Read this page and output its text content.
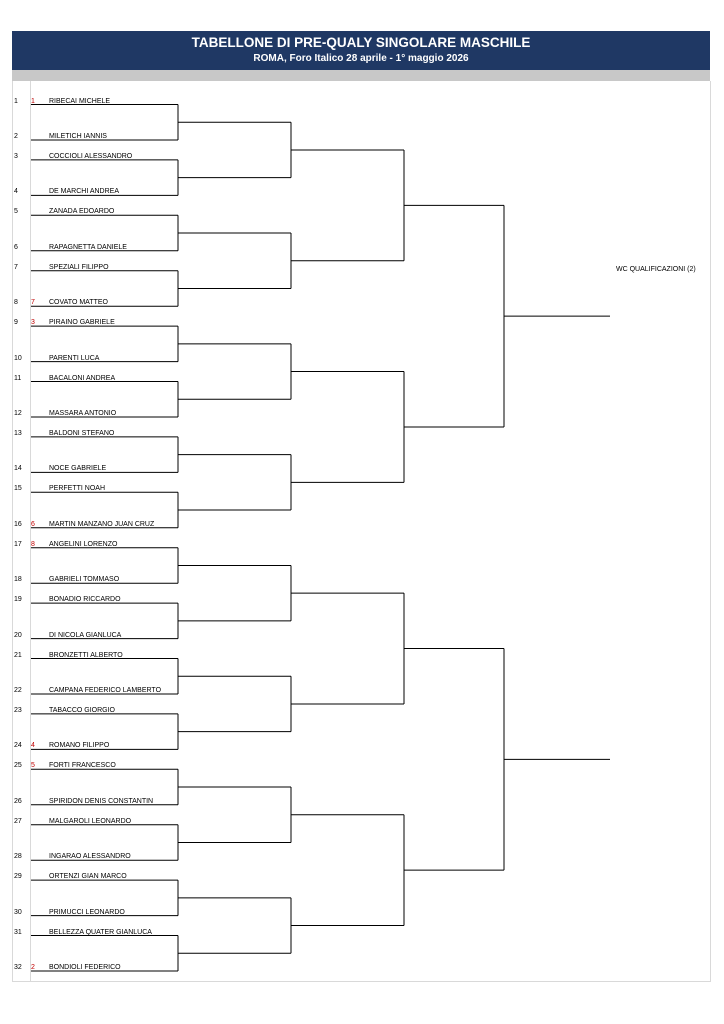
TABELLONE DI PRE-QUALY SINGOLARE MASCHILE
ROMA, Foro Italico 28 aprile - 1° maggio 2026
1	1	RIBECAI MICHELE
2	MILETICH IANNIS
3	COCCIOLI ALESSANDRO
4	DE MARCHI ANDREA
5	ZANADA EDOARDO
6	RAPAGNETTA DANIELE
7	SPEZIALI FILIPPO
8	7	COVATO MATTEO
9	3	PIRAINO GABRIELE
10	PARENTI LUCA
11	BACALONI ANDREA
12	MASSARA ANTONIO
13	BALDONI STEFANO
14	NOCE GABRIELE
15	PERFETTI NOAH
16	6	MARTIN MANZANO JUAN CRUZ
17	8	ANGELINI LORENZO
18	GABRIELI TOMMASO
19	BONADIO RICCARDO
20	DI NICOLA GIANLUCA
21	BRONZETTI ALBERTO
22	CAMPANA FEDERICO LAMBERTO
23	TABACCO GIORGIO
24	4	ROMANO FILIPPO
25	5	FORTI FRANCESCO
26	SPIRIDON DENIS CONSTANTIN
27	MALGAROLI LEONARDO
28	INGARAO ALESSANDRO
29	ORTENZI GIAN MARCO
30	PRIMUCCI LEONARDO
31	BELLEZZA QUATER GIANLUCA
32	2	BONDIOLI FEDERICO
WC QUALIFICAZIONI (2)
